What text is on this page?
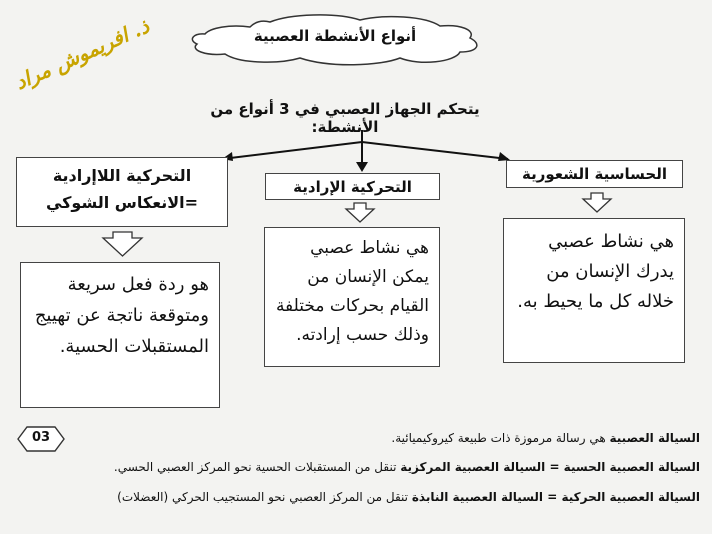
أنواع الأنشطة العصبية
ذ. افريموش مراد
يتحكم الجهاز العصبي في 3 أنواع من الأنشطة:
الحساسية الشعورية
التحركية الإرادية
التحركية اللاإرادية
=الانعكاس الشوكي
هي نشاط عصبي يدرك الإنسان من خلاله كل ما يحيط به.
هي نشاط عصبي يمكن الإنسان من القيام بحركات مختلفة وذلك حسب إرادته.
هو ردة فعل سريعة ومتوقعة ناتجة عن تهييج المستقبلات الحسية.
03	السيالة العصبية هي رسالة مرموزة ذات طبيعة كيروكيميائية.
السيالة العصبية الحسية = السيالة العصبية المركزية تنقل من المستقبلات الحسية نحو المركز العصبي الحسي.
السيالة العصبية الحركية = السيالة العصبية النابذة تنقل من المركز العصبي نحو المستجيب الحركي (العضلات)
